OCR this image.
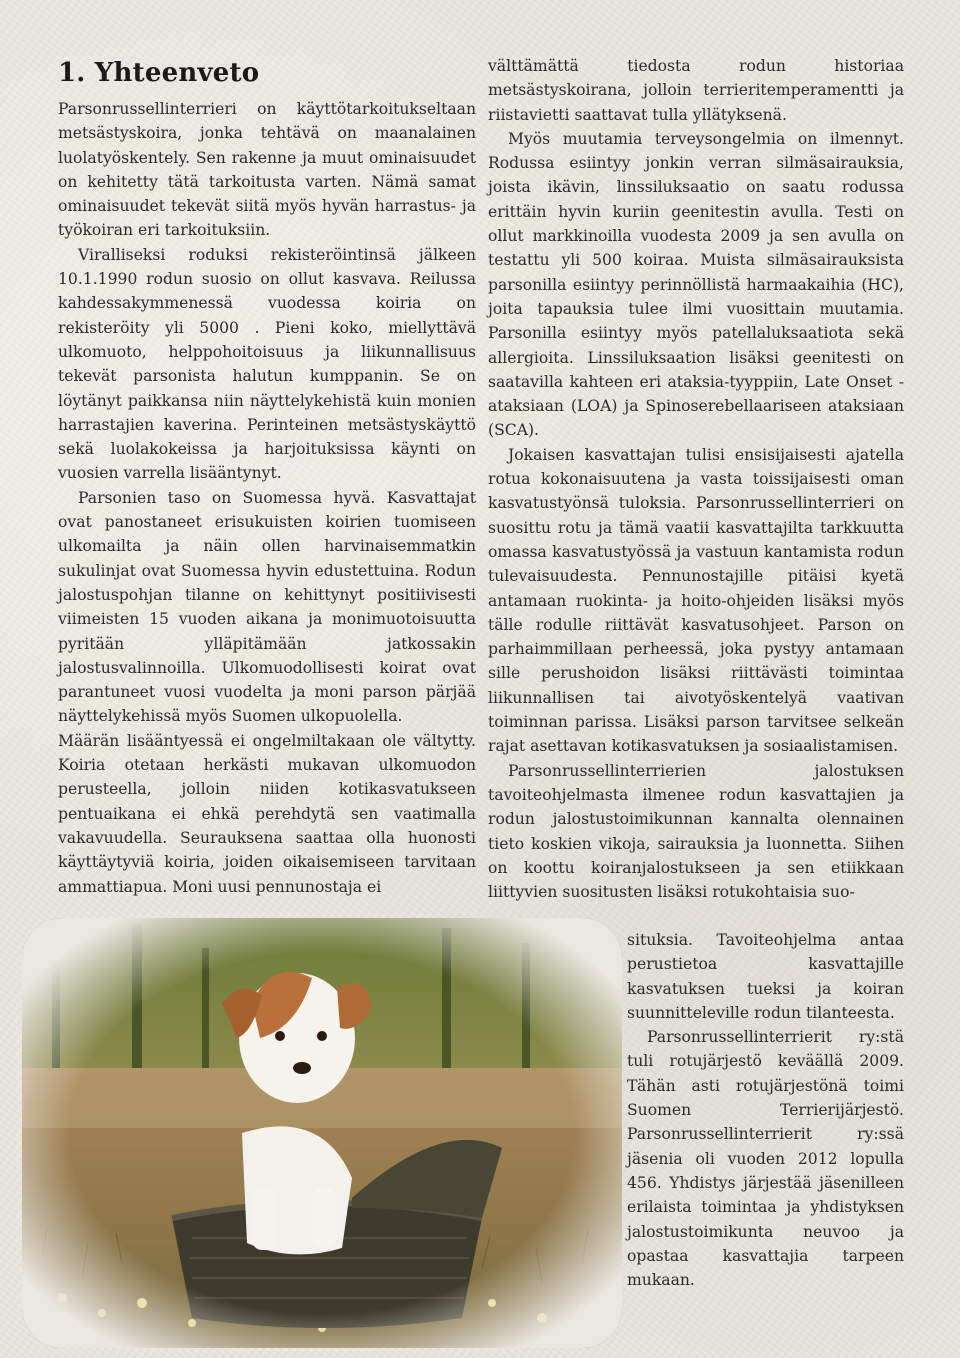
1. Yhteenveto

Parsonrussellinterrieri on käyttötarkoitukseltaan metsästyskoira, jonka tehtävä on maanalainen luolatyöskentely. Sen rakenne ja muut ominaisuudet on kehitetty tätä tarkoitusta varten. Nämä samat ominaisuudet tekevät siitä myös hyvän harrastus- ja työkoiran eri tarkoituksiin.

Viralliseksi roduksi rekisteröintinsä jälkeen 10.1.1990 rodun suosio on ollut kasvava. Reilussa kahdessakymmenessä vuodessa koiria on rekisteröity yli 5000 . Pieni koko, miellyttävä ulkomuoto, helppohoitoisuus ja liikunnallisuus tekevät parsonista halutun kumppanin. Se on löytänyt paikkansa niin näyttelykehistä kuin monien harrastajien kaverina. Perinteinen metsästyskäyttö sekä luolakokeissa ja harjoituksissa käynti on vuosien varrella lisääntynyt.

Parsonien taso on Suomessa hyvä. Kasvattajat ovat panostaneet erisukuisten koirien tuomiseen ulkomailta ja näin ollen harvinaisemmatkin sukulinjat ovat Suomessa hyvin edustettuina. Rodun jalostuspohjan tilanne on kehittynyt positiivisesti viimeisten 15 vuoden aikana ja monimuotoisuutta pyritään ylläpitämään jatkossakin jalostusvalinnoilla. Ulkomuodollisesti koirat ovat parantuneet vuosi vuodelta ja moni parson pärjää näyttelykehissä myös Suomen ulkopuolella.

Määrän lisääntyessä ei ongelmiltakaan ole vältytty. Koiria otetaan herkästi mukavan ulkomuodon perusteella, jolloin niiden kotikasvatukseen pentuaikana ei ehkä perehdytä sen vaatimalla vakavuudella. Seurauksena saattaa olla huonosti käyttäytyviä koiria, joiden oikaisemiseen tarvitaan ammattiapua. Moni uusi pennunostaja ei

välttämättä tiedosta rodun historiaa metsästyskoirana, jolloin terrieritemperamentti ja riistavietti saattavat tulla yllätyksenä.

Myös muutamia terveysongelmia on ilmennyt. Rodussa esiintyy jonkin verran silmäsairauksia, joista ikävin, linssiluksaatio on saatu rodussa erittäin hyvin kuriin geenitestin avulla. Testi on ollut markkinoilla vuodesta 2009 ja sen avulla on testattu yli 500 koiraa. Muista silmäsairauksista parsonilla esiintyy perinnöllistä harmaakaihia (HC), joita tapauksia tulee ilmi vuosittain muutamia. Parsonilla esiintyy myös patellaluksaatiota sekä allergioita. Linssiluksaation lisäksi geenitesti on saatavilla kahteen eri ataksia-tyyppiin, Late Onset -ataksiaan (LOA) ja Spinoserebellaariseen ataksiaan (SCA).

Jokaisen kasvattajan tulisi ensisijaisesti ajatella rotua kokonaisuutena ja vasta toissijaisesti oman kasvatustyönsä tuloksia. Parsonrussellinterrieri on suosittu rotu ja tämä vaatii kasvattajilta tarkkuutta omassa kasvatustyössä ja vastuun kantamista rodun tulevaisuudesta. Pennunostajille pitäisi kyetä antamaan ruokinta- ja hoito-ohjeiden lisäksi myös tälle rodulle riittävät kasvatusohjeet. Parson on parhaimmillaan perheessä, joka pystyy antamaan sille perushoidon lisäksi riittävästi toimintaa liikunnallisen tai aivotyöskentelyä vaativan toiminnan parissa. Lisäksi parson tarvitsee selkeän rajat asettavan kotikasvatuksen ja sosiaalistamisen.

Parsonrussellinterrierien jalostuksen tavoiteohjelmasta ilmenee rodun kasvattajien ja rodun jalostustoimikunnan kannalta olennainen tieto koskien vikoja, sairauksia ja luonnetta. Siihen on koottu koiranjalostukseen ja sen etiikkaan liittyvien suositusten lisäksi rotukohtaisia suo-

situksia. Tavoiteohjelma antaa perustietoa kasvattajille kasvatuksen tueksi ja koiran suunnitteleville rodun tilanteesta.

Parsonrussellinterrierit ry:stä tuli rotujärjestö keväällä 2009. Tähän asti rotujärjestönä toimi Suomen Terrierijärjestö. Parsonrussellinterrierit ry:ssä jäsenia oli vuoden 2012 lopulla 456. Yhdistys järjestää jäsenilleen erilaista toimintaa ja yhdistyksen jalostustoimikunta neuvoo ja opastaa kasvattajia tarpeen mukaan.
